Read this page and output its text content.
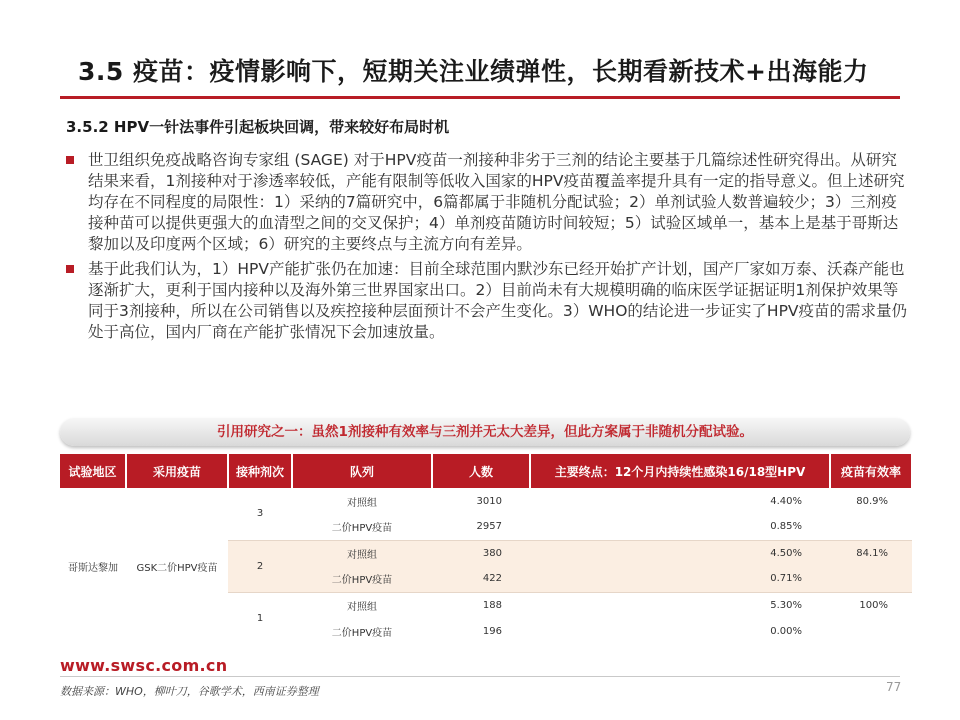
3.5 疫苗：疫情影响下，短期关注业绩弹性，长期看新技术+出海能力
3.5.2 HPV一针法事件引起板块回调，带来较好布局时机
世卫组织免疫战略咨询专家组 (SAGE) 对于HPV疫苗一剂接种非劣于三剂的结论主要基于几篇综述性研究得出。从研究结果来看，1剂接种对于渗透率较低，产能有限制等低收入国家的HPV疫苗覆盖率提升具有一定的指导意义。但上述研究均存在不同程度的局限性：1）采纳的7篇研究中，6篇都属于非随机分配试验；2）单剂试验人数普遍较少；3）三剂疫接种苗可以提供更强大的血清型之间的交叉保护；4）单剂疫苗随访时间较短；5）试验区域单一，基本上是基于哥斯达黎加以及印度两个区域；6）研究的主要终点与主流方向有差异。
基于此我们认为，1）HPV产能扩张仍在加速：目前全球范围内默沙东已经开始扩产计划，国产厂家如万泰、沃森产能也逐渐扩大，更利于国内接种以及海外第三世界国家出口。2）目前尚未有大规模明确的临床医学证据证明1剂保护效果等同于3剂接种，所以在公司销售以及疾控接种层面预计不会产生变化。3）WHO的结论进一步证实了HPV疫苗的需求量仍处于高位，国内厂商在产能扩张情况下会加速放量。
引用研究之一：虽然1剂接种有效率与三剂并无太大差异，但此方案属于非随机分配试验。
试验地区	采用疫苗	接种剂次	队列	人数	主要终点：12个月内持续性感染16/18型HPV	疫苗有效率
哥斯达黎加	GSK二价HPV疫苗	3	对照组	3010	4.40%	80.9%
			二价HPV疫苗	2957	0.85%	
		2	对照组	380	4.50%	84.1%
			二价HPV疫苗	422	0.71%	
		1	对照组	188	5.30%	100%
			二价HPV疫苗	196	0.00%	
www.swsc.com.cn
数据来源：WHO，柳叶刀，谷歌学术，西南证券整理	77
